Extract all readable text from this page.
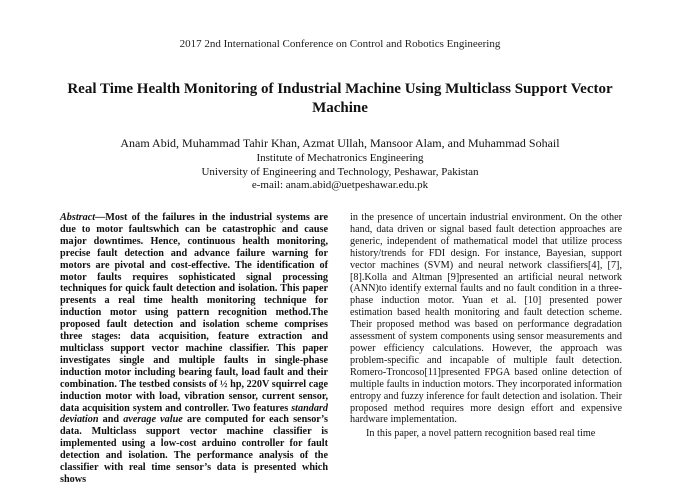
2017 2nd International Conference on Control and Robotics Engineering
Real Time Health Monitoring of Industrial Machine Using Multiclass Support Vector Machine
Anam Abid, Muhammad Tahir Khan, Azmat Ullah, Mansoor Alam, and Muhammad Sohail
Institute of Mechatronics Engineering
University of Engineering and Technology, Peshawar, Pakistan
e-mail: anam.abid@uetpeshawar.edu.pk

Abstract—Most of the failures in the industrial systems are due to motor faultswhich can be catastrophic and cause major downtimes. Hence, continuous health monitoring, precise fault detection and advance failure warning for motors are pivotal and cost-effective. The identification of motor faults requires sophisticated signal processing techniques for quick fault detection and isolation. This paper presents a real time health monitoring technique for induction motor using pattern recognition method.The proposed fault detection and isolation scheme comprises three stages: data acquisition, feature extraction and multiclass support vector machine classifier. This paper investigates single and multiple faults in single-phase induction motor including bearing fault, load fault and their combination. The testbed consists of ½ hp, 220V squirrel cage induction motor with load, vibration sensor, current sensor, data acquisition system and controller. Two features standard deviation and average value are computed for each sensor’s data. Multiclass support vector machine classifier is implemented using a low-cost arduino controller for fault detection and isolation. The performance analysis of the classifier with real time sensor’s data is presented which shows

in the presence of uncertain industrial environment. On the other hand, data driven or signal based fault detection approaches are generic, independent of mathematical model that utilize process history/trends for FDI design. For instance, Bayesian, support vector machines (SVM) and neural network classifiers[4], [7], [8].Kolla and Altman [9]presented an artificial neural network (ANN)to identify external faults and no fault condition in a three-phase induction motor. Yuan et al. [10] presented power estimation based health monitoring and fault detection scheme. Their proposed method was based on performance degradation assessment of system components using sensor measurements and power efficiency calculations. However, the approach was problem-specific and incapable of multiple fault detection. Romero-Troncoso[11]presented FPGA based online detection of multiple faults in induction motors. They incorporated information entropy and fuzzy inference for fault detection and isolation. Their proposed method requires more design effort and expensive hardware implementation.

In this paper, a novel pattern recognition based real time
